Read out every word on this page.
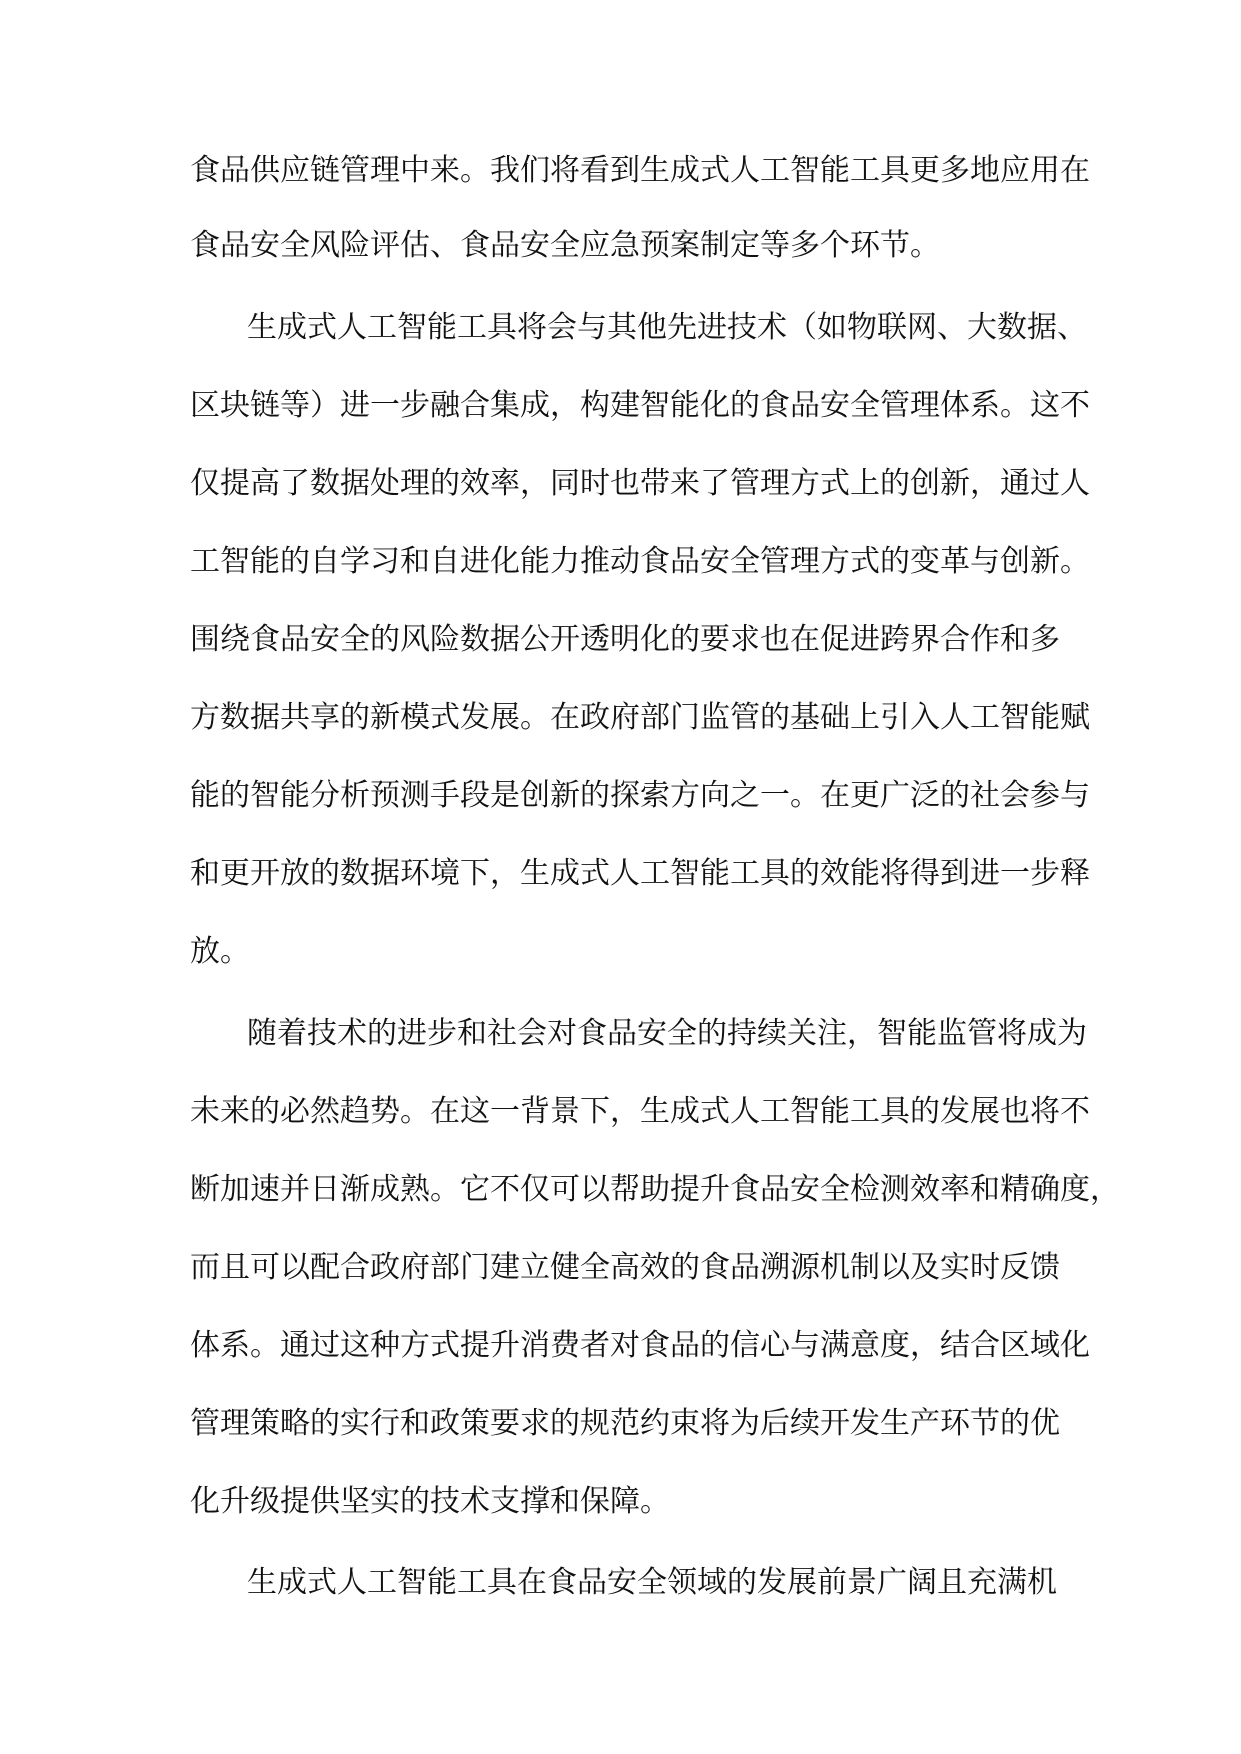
食品供应链管理中来。我们将看到生成式人工智能工具更多地应用在

食品安全风险评估、食品安全应急预案制定等多个环节。

生成式人工智能工具将会与其他先进技术（如物联网、大数据、

区块链等）进一步融合集成，构建智能化的食品安全管理体系。这不

仅提高了数据处理的效率，同时也带来了管理方式上的创新，通过人

工智能的自学习和自进化能力推动食品安全管理方式的变革与创新。

围绕食品安全的风险数据公开透明化的要求也在促进跨界合作和多

方数据共享的新模式发展。在政府部门监管的基础上引入人工智能赋

能的智能分析预测手段是创新的探索方向之一。在更广泛的社会参与

和更开放的数据环境下，生成式人工智能工具的效能将得到进一步释

放。

随着技术的进步和社会对食品安全的持续关注，智能监管将成为

未来的必然趋势。在这一背景下，生成式人工智能工具的发展也将不

断加速并日渐成熟。它不仅可以帮助提升食品安全检测效率和精确度，

而且可以配合政府部门建立健全高效的食品溯源机制以及实时反馈

体系。通过这种方式提升消费者对食品的信心与满意度，结合区域化

管理策略的实行和政策要求的规范约束将为后续开发生产环节的优

化升级提供坚实的技术支撑和保障。

生成式人工智能工具在食品安全领域的发展前景广阔且充满机
